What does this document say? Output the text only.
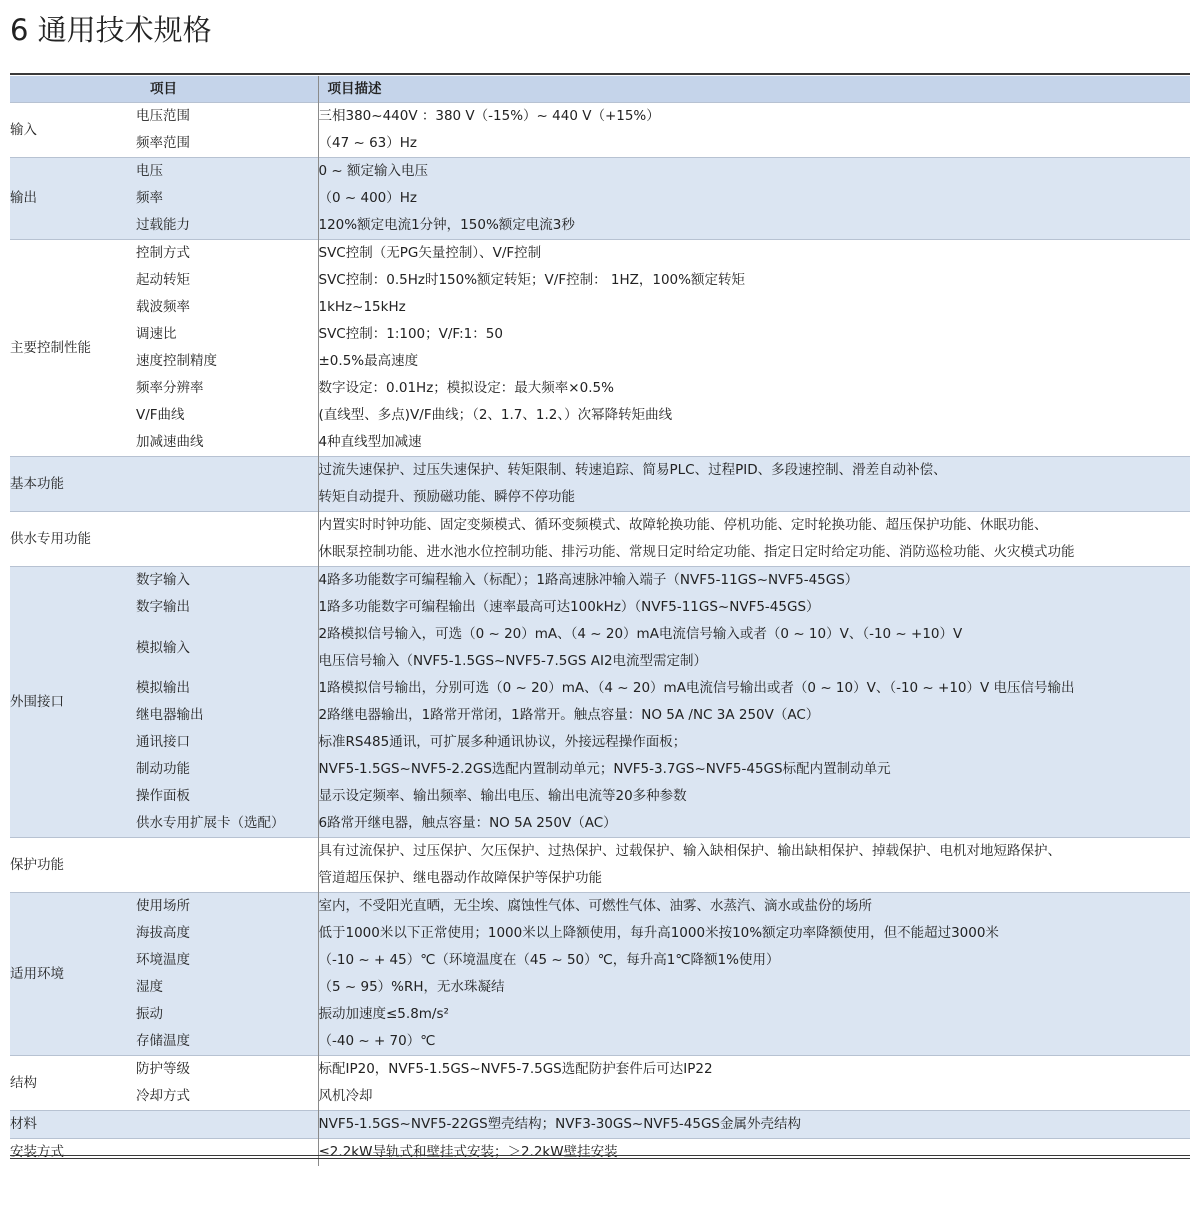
6 通用技术规格
项目		项目描述
输入	电压范围	三相380~440V ：380 V（-15%）~ 440 V（+15%）
	频率范围	（47 ~ 63）Hz
输出	电压	0 ~ 额定输入电压
	频率	（0 ~ 400）Hz
	过载能力	120%额定电流1分钟，150%额定电流3秒
主要控制性能	控制方式	SVC控制（无PG矢量控制）、V/F控制
	起动转矩	SVC控制：0.5Hz时150%额定转矩；V/F控制： 1HZ，100%额定转矩
	载波频率	1kHz~15kHz
	调速比	SVC控制：1:100；V/F:1：50
	速度控制精度	±0.5%最高速度
	频率分辨率	数字设定：0.01Hz；模拟设定：最大频率×0.5%
	V/F曲线	(直线型、多点)V/F曲线；（2、1.7、1.2、）次幂降转矩曲线
	加减速曲线	4种直线型加减速
基本功能		过流失速保护、过压失速保护、转矩限制、转速追踪、简易PLC、过程PID、多段速控制、滑差自动补偿、
		转矩自动提升、预励磁功能、瞬停不停功能
供水专用功能		内置实时时钟功能、固定变频模式、循环变频模式、故障轮换功能、停机功能、定时轮换功能、超压保护功能、休眠功能、
		休眠泵控制功能、进水池水位控制功能、排污功能、常规日定时给定功能、指定日定时给定功能、消防巡检功能、火灾模式功能
外围接口	数字输入	4路多功能数字可编程输入（标配）；1路高速脉冲输入端子（NVF5-11GS~NVF5-45GS）
	数字输出	1路多功能数字可编程输出（速率最高可达100kHz）（NVF5-11GS~NVF5-45GS）
	模拟输入	2路模拟信号输入，可选（0 ~ 20）mA、（4 ~ 20）mA电流信号输入或者（0 ~ 10）V、（-10 ~ +10）V
		电压信号输入（NVF5-1.5GS~NVF5-7.5GS AI2电流型需定制）
	模拟输出	1路模拟信号输出，分别可选（0 ~ 20）mA、（4 ~ 20）mA电流信号输出或者（0 ~ 10）V、（-10 ~ +10）V 电压信号输出
	继电器输出	2路继电器输出，1路常开常闭，1路常开。触点容量：NO 5A /NC 3A 250V（AC）
	通讯接口	标准RS485通讯，可扩展多种通讯协议，外接远程操作面板；
	制动功能	NVF5-1.5GS~NVF5-2.2GS选配内置制动单元；NVF5-3.7GS~NVF5-45GS标配内置制动单元
	操作面板	显示设定频率、输出频率、输出电压、输出电流等20多种参数
	供水专用扩展卡（选配）	6路常开继电器，触点容量：NO 5A 250V（AC）
保护功能		具有过流保护、过压保护、欠压保护、过热保护、过载保护、输入缺相保护、输出缺相保护、掉载保护、电机对地短路保护、
		管道超压保护、继电器动作故障保护等保护功能
适用环境	使用场所	室内，不受阳光直晒，无尘埃、腐蚀性气体、可燃性气体、油雾、水蒸汽、滴水或盐份的场所
	海拔高度	低于1000米以下正常使用；1000米以上降额使用，每升高1000米按10%额定功率降额使用，但不能超过3000米
	环境温度	（-10 ~ + 45）℃（环境温度在（45 ~ 50）℃，每升高1℃降额1%使用）
	湿度	（5 ~ 95）%RH，无水珠凝结
	振动	振动加速度≤5.8m/s²
	存储温度	（-40 ~ + 70）℃
结构	防护等级	标配IP20，NVF5-1.5GS~NVF5-7.5GS选配防护套件后可达IP22
	冷却方式	风机冷却
材料		NVF5-1.5GS~NVF5-22GS塑壳结构；NVF3-30GS~NVF5-45GS金属外壳结构
安装方式		≤2.2kW导轨式和壁挂式安装；＞2.2kW壁挂安装
